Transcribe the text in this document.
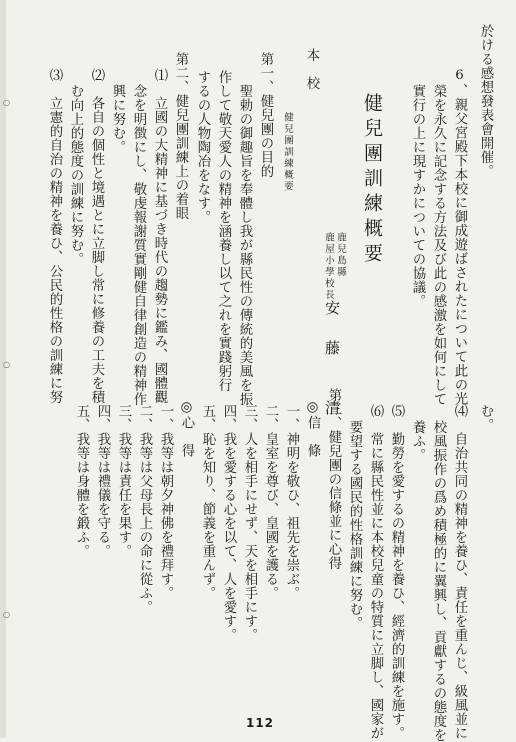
○
○
○
於ける感想發表會開催。
6、親父宮殿下本校に御成遊ばされたについて此の光
榮を永久に記念する方法及び此の感激を如何にして
實行の上に現すかについての協議。
健兒團訓練概要
鹿兒島縣
鹿屋小學校長
安　藤　　清
本　校
健兒團訓練概要
第一、健兒團の目的
聖勅の御趣旨を奉體し我が縣民性の傳統的美風を振
作して敬天愛人の精神を涵養し以て之れを實踐躬行
するの人物陶冶をなす。
第二、健兒團訓練上の着眼
⑴　立國の大精神に基づき時代の趨勢に鑑み、國體觀
念を明徴にし、敬虔報謝質實剛健自律創造の精神作
興に努む。
⑵　各自の個性と境遇とに立脚し常に修養の工夫を積
む向上的態度の訓練に努む。
⑶　立憲的自治の精神を養ひ、公民的性格の訓練に努
む。
⑷　自治共同の精神を養ひ、責任を重んじ、級風並に
校風振作の爲め積極的に翼興し、貢獻するの態度を
養ふ。
⑸　勤勞を愛するの精神を養ひ、經濟的訓練を施す。
⑹　常に縣民性並に本校兒童の特質に立脚し、國家が
要望する國民的性格訓練に努む。
第三、健兒團の信條並に心得
◎信　條
一、神明を敬ひ、祖先を崇ぶ。
二、皇室を尊び、皇國を護る。
三、人を相手にせず、天を相手にす。
四、我を愛する心を以て、人を愛す。
五、恥を知り、節義を重んず。
◎心　得
一、我等は朝夕神佛を禮拜す。
二、我等は父母長上の命に從ふ。
三、我等は責任を果す。
四、我等は禮儀を守る。
五、我等は身體を鍛ふ。
112
